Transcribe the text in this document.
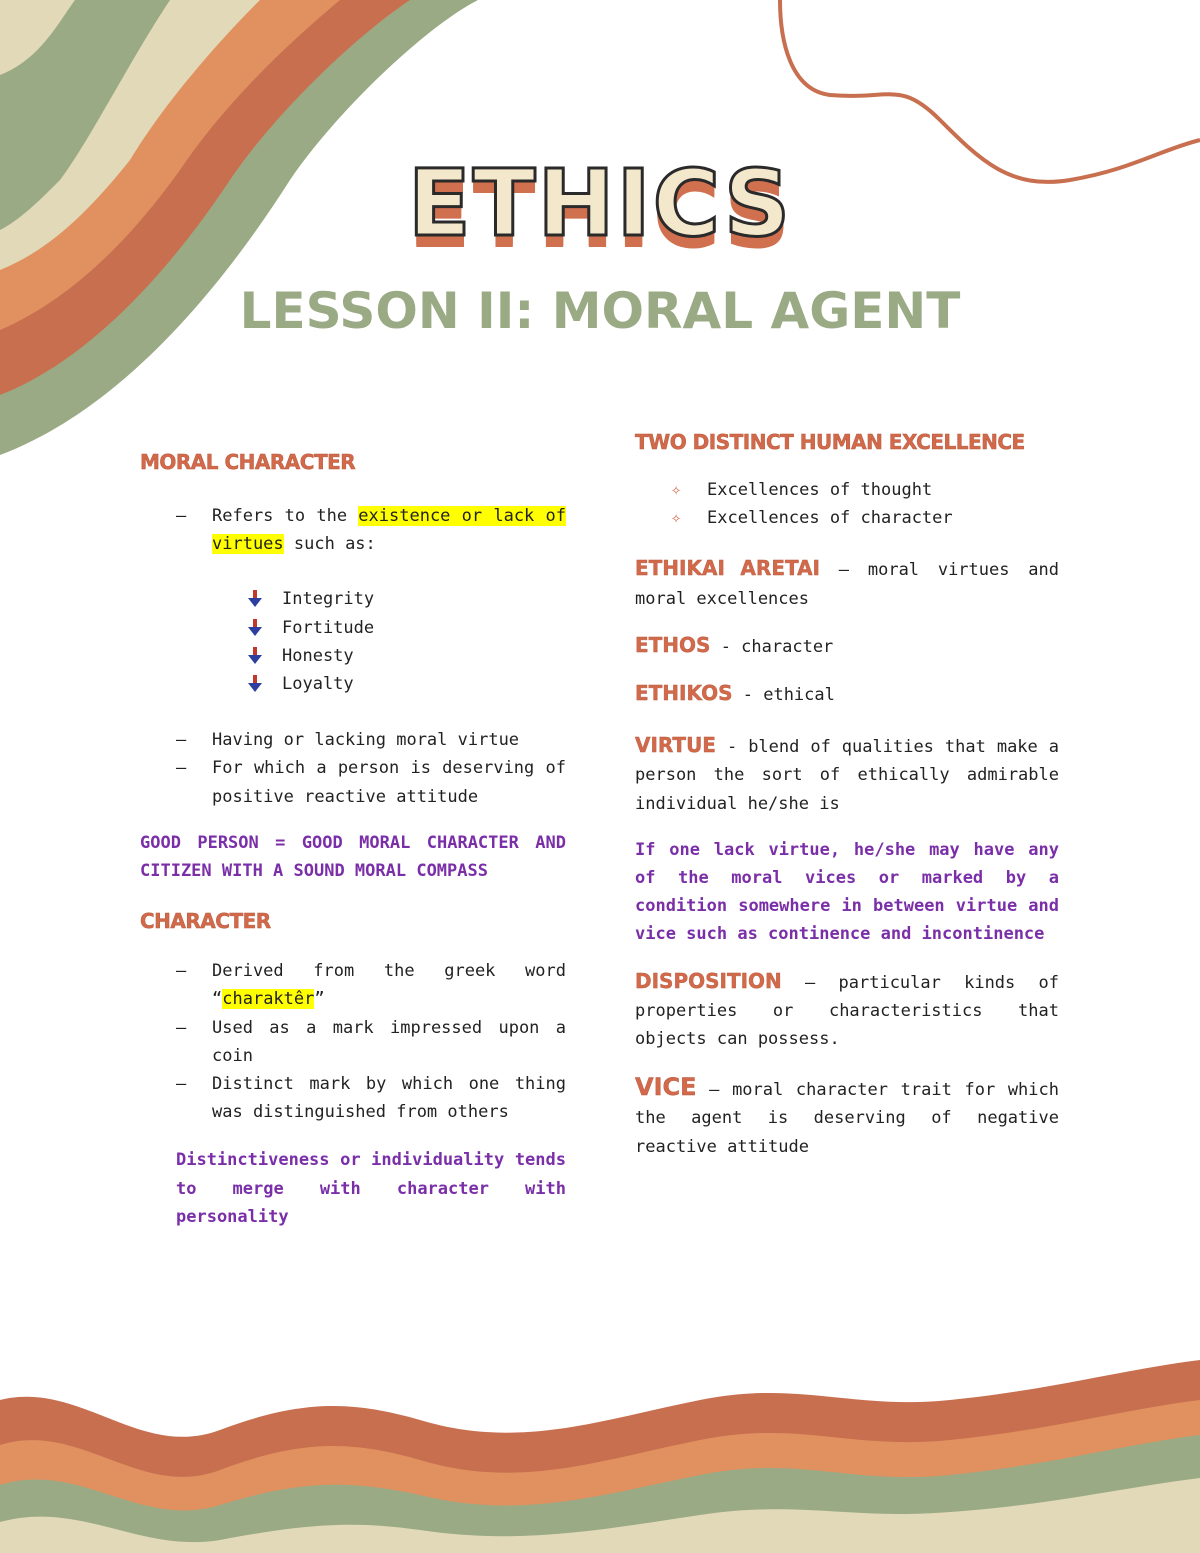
ETHICS
LESSON II: MORAL AGENT
MORAL CHARACTER
– Refers to the existence or lack of virtues such as:
Integrity
Fortitude
Honesty
Loyalty
– Having or lacking moral virtue
– For which a person is deserving of positive reactive attitude
GOOD PERSON = GOOD MORAL CHARACTER AND CITIZEN WITH A SOUND MORAL COMPASS
CHARACTER
– Derived from the greek word “charaktêr”
– Used as a mark impressed upon a coin
– Distinct mark by which one thing was distinguished from others
Distinctiveness or individuality tends to merge with character with personality
TWO DISTINCT HUMAN EXCELLENCE
✧ Excellences of thought
✧ Excellences of character

ETHIKAI ARETAI – moral virtues and moral excellences

ETHOS - character

ETHIKOS - ethical

VIRTUE - blend of qualities that make a person the sort of ethically admirable individual he/she is

If one lack virtue, he/she may have any of the moral vices or marked by a condition somewhere in between virtue and vice such as continence and incontinence

DISPOSITION – particular kinds of properties or characteristics that objects can possess.

VICE – moral character trait for which the agent is deserving of negative reactive attitude
